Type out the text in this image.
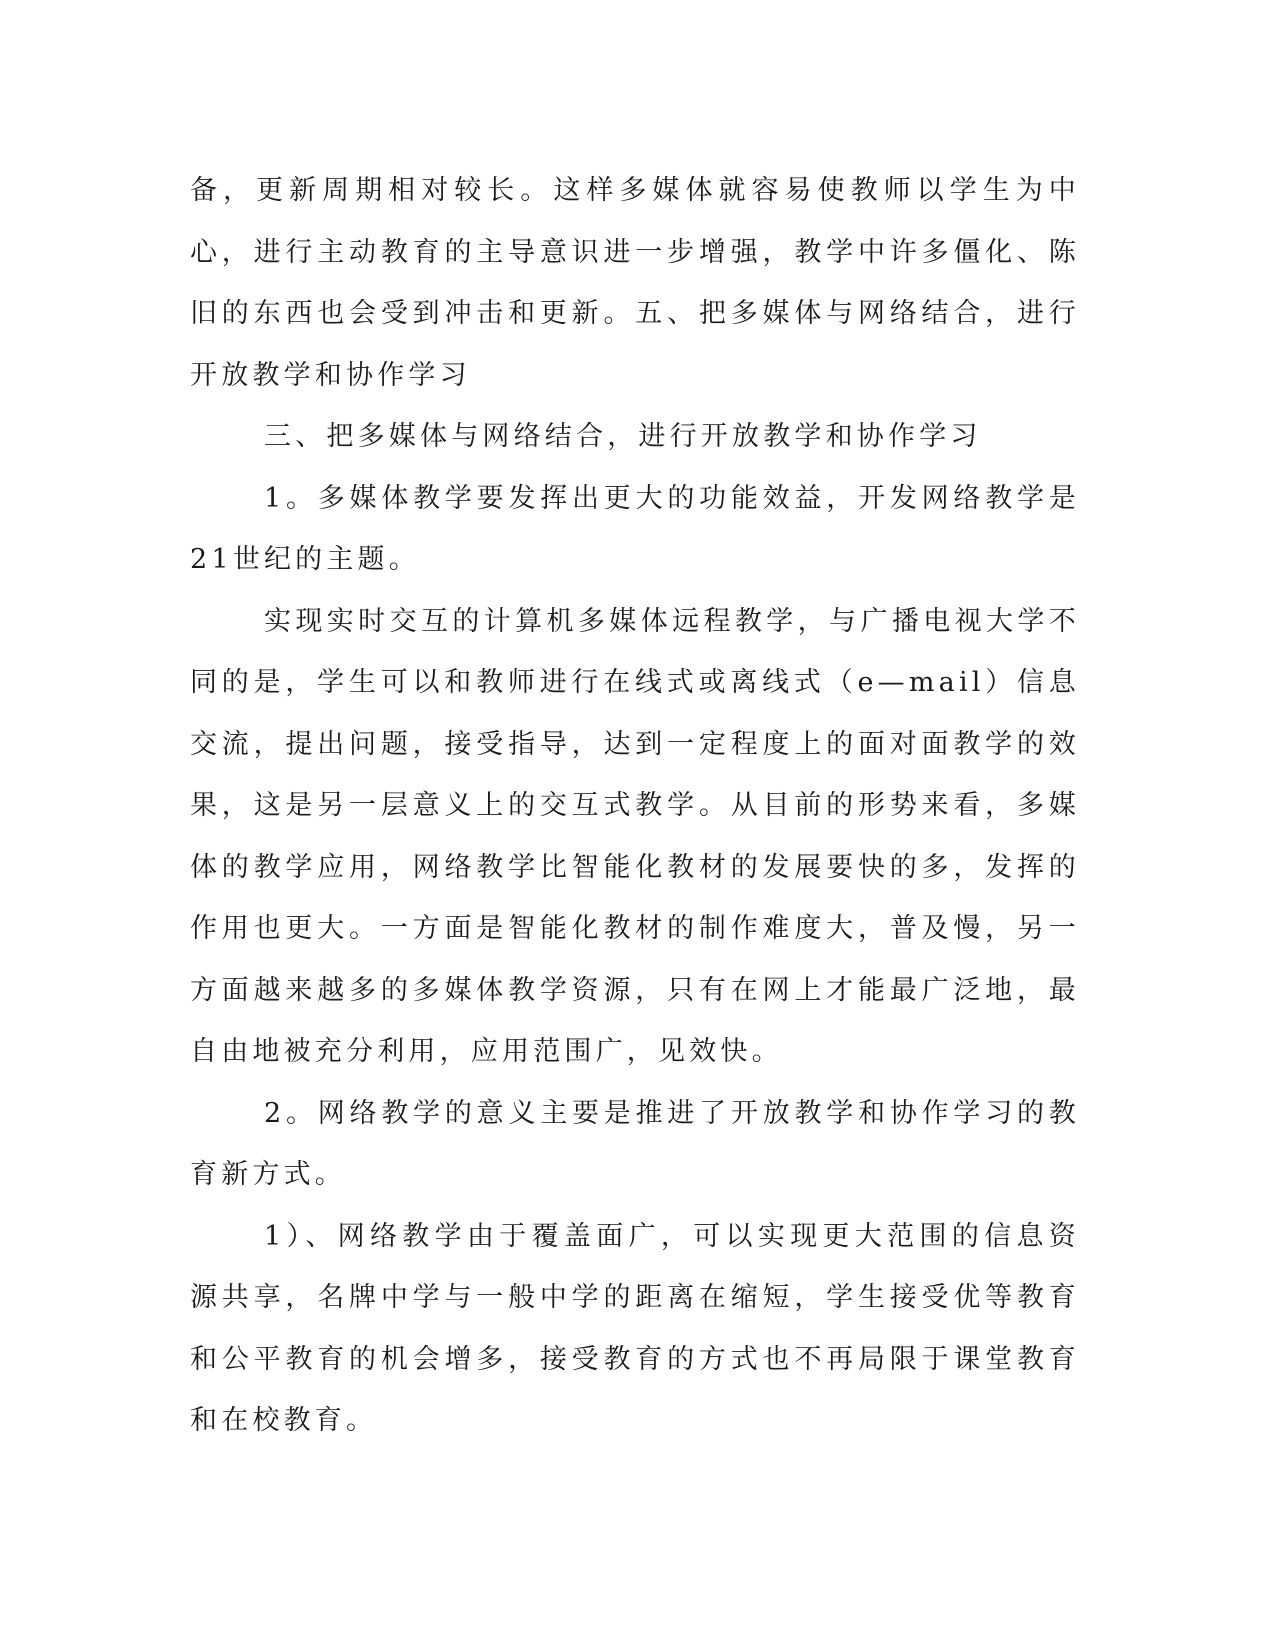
备，更新周期相对较长。这样多媒体就容易使教师以学生为中心，进行主动教育的主导意识进一步增强，教学中许多僵化、陈旧的东西也会受到冲击和更新。五、把多媒体与网络结合，进行开放教学和协作学习

三、把多媒体与网络结合，进行开放教学和协作学习

1。多媒体教学要发挥出更大的功能效益，开发网络教学是21世纪的主题。

实现实时交互的计算机多媒体远程教学，与广播电视大学不同的是，学生可以和教师进行在线式或离线式（e—mail）信息交流，提出问题，接受指导，达到一定程度上的面对面教学的效果，这是另一层意义上的交互式教学。从目前的形势来看，多媒体的教学应用，网络教学比智能化教材的发展要快的多，发挥的作用也更大。一方面是智能化教材的制作难度大，普及慢，另一方面越来越多的多媒体教学资源，只有在网上才能最广泛地，最自由地被充分利用，应用范围广，见效快。

2。网络教学的意义主要是推进了开放教学和协作学习的教育新方式。

1）、网络教学由于覆盖面广，可以实现更大范围的信息资源共享，名牌中学与一般中学的距离在缩短，学生接受优等教育和公平教育的机会增多，接受教育的方式也不再局限于课堂教育和在校教育。
